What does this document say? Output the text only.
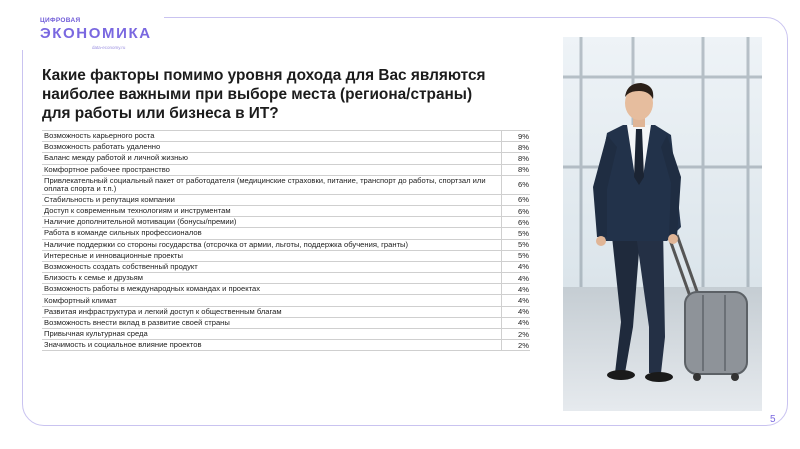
ЦИФРОВАЯ
ЭКОНОМИКА
data-economy.ru
Какие факторы помимо уровня дохода для Вас являются
наиболее важными при выборе места (региона/страны)
для работы или бизнеса в ИТ?
Возможность карьерного роста	9%
Возможность работать удаленно	8%
Баланс между работой и личной жизнью	8%
Комфортное рабочее пространство	8%
Привлекательный социальный пакет от работодателя (медицинские страховки, питание, транспорт до работы, спортзал или оплата спорта и т.п.)	6%
Стабильность и репутация компании	6%
Доступ к современным технологиям и инструментам	6%
Наличие дополнительной мотивации (бонусы/премии)	6%
Работа в команде сильных профессионалов	5%
Наличие поддержки со стороны государства (отсрочка от армии, льготы, поддержка обучения, гранты)	5%
Интересные и инновационные проекты	5%
Возможность создать собственный продукт	4%
Близость к семье и друзьям	4%
Возможность работы в международных командах и проектах	4%
Комфортный климат	4%
Развитая инфраструктура и легкий доступ к общественным благам	4%
Возможность внести вклад в развитие своей страны	4%
Привычная культурная среда	2%
Значимость и социальное влияние проектов	2%
5
